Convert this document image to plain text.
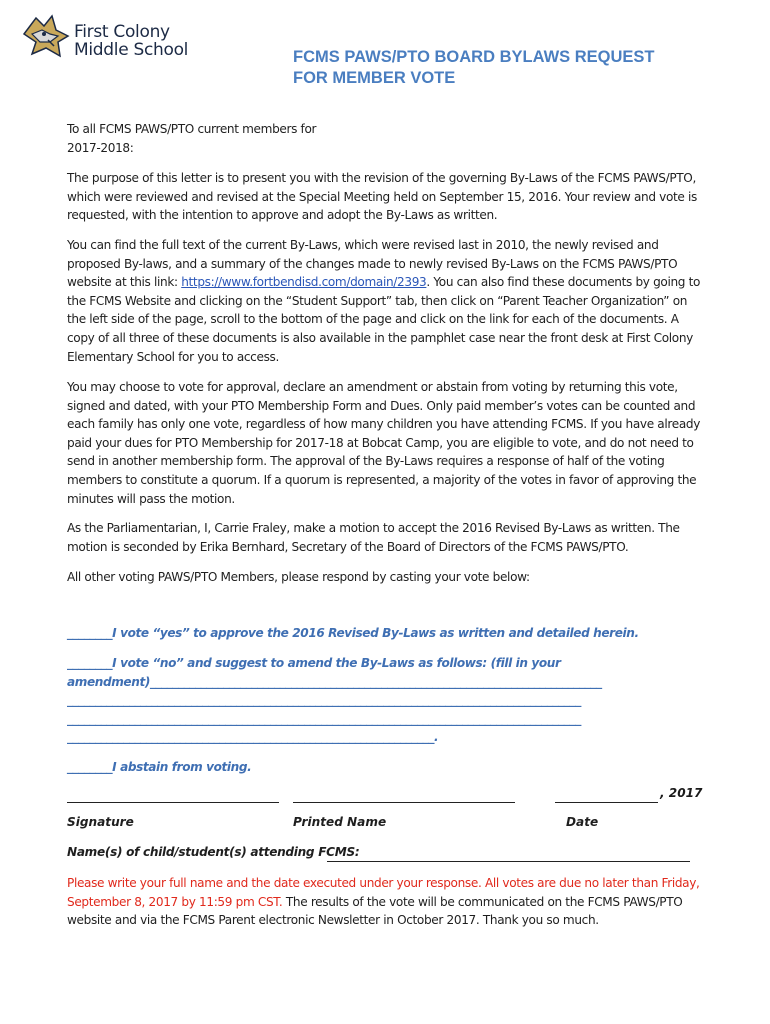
First Colony
Middle School	FCMS PAWS/PTO BOARD BYLAWS REQUEST
FOR MEMBER VOTE
To all FCMS PAWS/PTO current members for
2017-2018:
The purpose of this letter is to present you with the revision of the governing By-Laws of the FCMS PAWS/PTO, which were reviewed and revised at the Special Meeting held on September 15, 2016. Your review and vote is requested, with the intention to approve and adopt the By-Laws as written.
You can find the full text of the current By-Laws, which were revised last in 2010, the newly revised and proposed By-laws, and a summary of the changes made to newly revised By-Laws on the FCMS PAWS/PTO website at this link: https://www.fortbendisd.com/domain/2393. You can also find these documents by going to the FCMS Website and clicking on the “Student Support” tab, then click on “Parent Teacher Organization” on the left side of the page, scroll to the bottom of the page and click on the link for each of the documents. A copy of all three of these documents is also available in the pamphlet case near the front desk at First Colony Elementary School for you to access.
You may choose to vote for approval, declare an amendment or abstain from voting by returning this vote, signed and dated, with your PTO Membership Form and Dues. Only paid member’s votes can be counted and each family has only one vote, regardless of how many children you have attending FCMS. If you have already paid your dues for PTO Membership for 2017-18 at Bobcat Camp, you are eligible to vote, and do not need to send in another membership form. The approval of the By-Laws requires a response of half of the voting members to constitute a quorum. If a quorum is represented, a majority of the votes in favor of approving the minutes will pass the motion.
As the Parliamentarian, I, Carrie Fraley, make a motion to accept the 2016 Revised By-Laws as written. The motion is seconded by Erika Bernhard, Secretary of the Board of Directors of the FCMS PAWS/PTO.
All other voting PAWS/PTO Members, please respond by casting your vote below:
________I vote “yes” to approve the 2016 Revised By-Laws as written and detailed herein.
________I vote “no” and suggest to amend the By-Laws as follows: (fill in your
amendment)________________________________________________________________________________
___________________________________________________________________________________________
___________________________________________________________________________________________
_________________________________________________________________.
________I abstain from voting.
, 2017
Signature	Printed Name	Date
Name(s) of child/student(s) attending FCMS:
Please write your full name and the date executed under your response. All votes are due no later than Friday, September 8, 2017 by 11:59 pm CST. The results of the vote will be communicated on the FCMS PAWS/PTO website and via the FCMS Parent electronic Newsletter in October 2017. Thank you so much.
